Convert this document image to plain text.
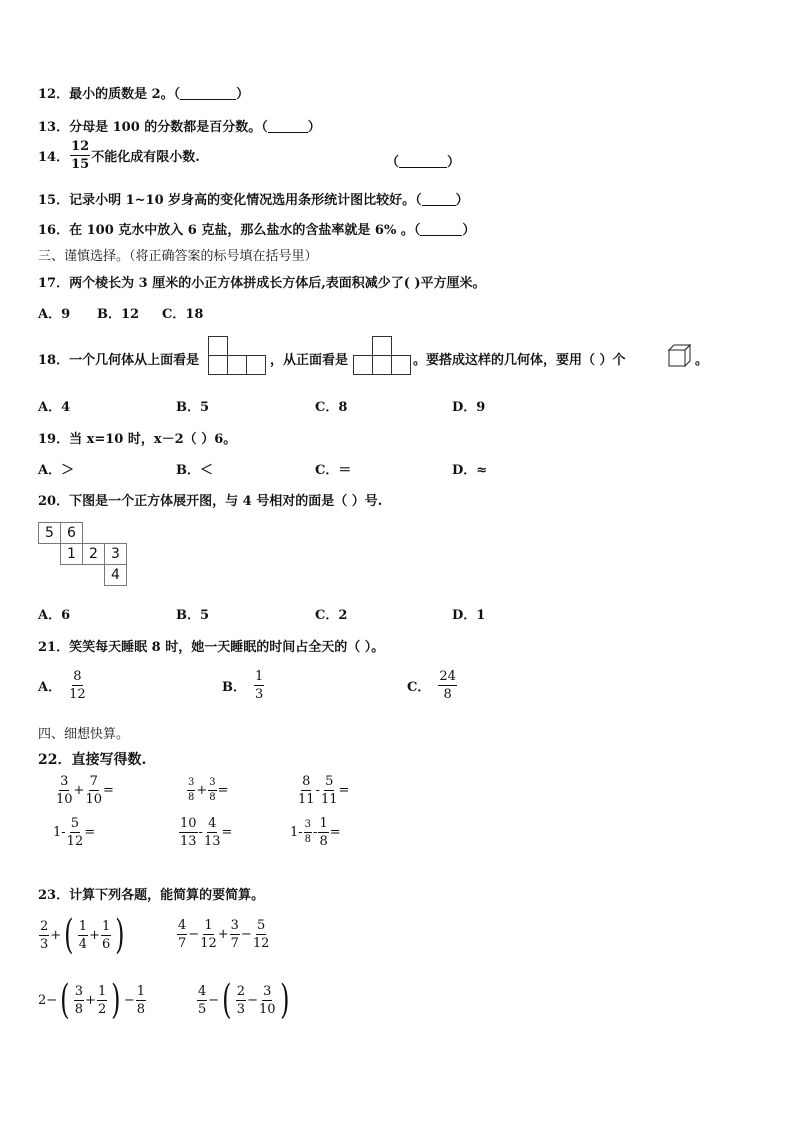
12．最小的质数是 2。（	）
13．分母是 100 的分数都是百分数。（	）
14． $\frac{12}{15}$ 不能化成有限小数.	（	）
15．记录小明 1~10 岁身高的变化情况选用条形统计图比较好。（	）
16．在 100 克水中放入 6 克盐，那么盐水的含盐率就是 6% 。（	）
三、谨慎选择。（将正确答案的标号填在括号里）
17．两个棱长为 3 厘米的小正方体拼成长方体后,表面积减少了( )平方厘米。
A．9 B．12 C．18
18．一个几何体从上面看是	，从正面看是	。要搭成这样的几何体，要用（ ）个	。
A．4	B．5	C．8	D．9
19．当 x=10 时，x－2（ ）6。
A．＞	B．＜	C．＝	D．≈
20．下图是一个正方体展开图，与 4 号相对的面是（ ）号.
5 6
1 2 3
4
A．6	B．5	C．2	D．1
21．笑笑每天睡眠 8 时，她一天睡眠的时间占全天的（ ）。
A． $\frac{8}{12}$	B． $\frac{1}{3}$	C． $\frac{24}{8}$
四、细想快算。
22．直接写得数.
$\frac{3}{10} + \frac{7}{10}$ =	$\frac{3}{8} + \frac{3}{8}$ =	$\frac{8}{11} - \frac{5}{11}$ =
$1- \frac{5}{12}$ =	$\frac{10}{13} - \frac{4}{13}$ =	$1- \frac{3}{8} - \frac{1}{8}$ =
23．计算下列各题，能简算的要简算。
$\frac{2}{3}$ + ( $\frac{1}{4} + \frac{1}{6}$ )	$\frac{4}{7} - \frac{1}{12} + \frac{3}{7} - \frac{5}{12}$
2 − ( $\frac{3}{8} + \frac{1}{2}$ ) − $\frac{1}{8}$	$\frac{4}{5}$ − ( $\frac{2}{3} - \frac{3}{10}$ )
